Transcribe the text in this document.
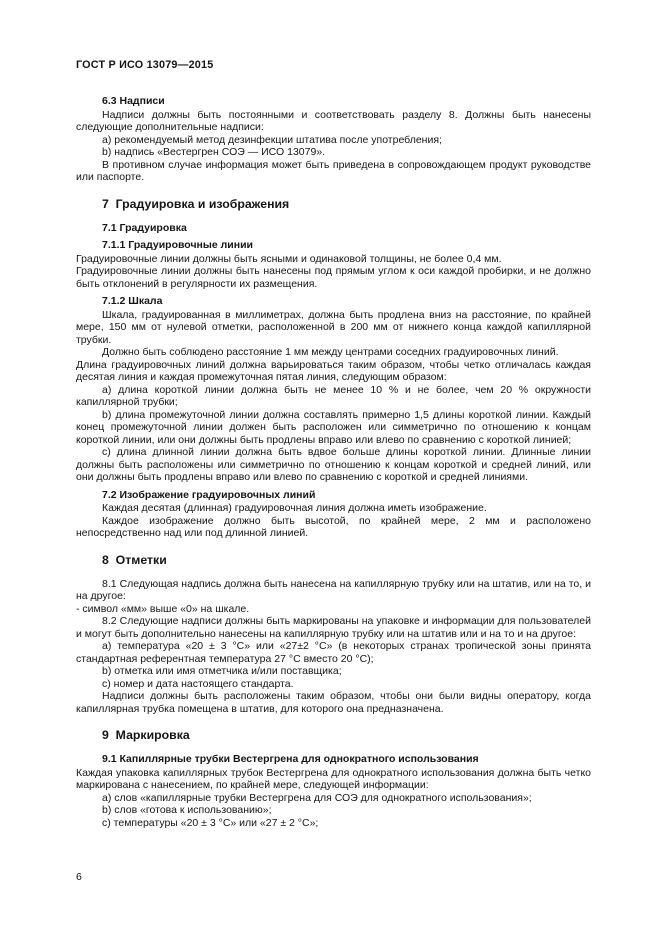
ГОСТ Р ИСО 13079—2015
6.3 Надписи
Надписи должны быть постоянными и соответствовать разделу 8. Должны быть нанесены следующие дополнительные надписи:
a) рекомендуемый метод дезинфекции штатива после употребления;
b) надпись «Вестергрен СОЭ — ИСО 13079».
В противном случае информация может быть приведена в сопровождающем продукт руководстве или паспорте.
7  Градуировка и изображения
7.1 Градуировка
7.1.1 Градуировочные линии
Градуировочные линии должны быть ясными и одинаковой толщины, не более 0,4 мм.
Градуировочные линии должны быть нанесены под прямым углом к оси каждой пробирки, и не должно быть отклонений в регулярности их размещения.
7.1.2 Шкала
Шкала, градуированная в миллиметрах, должна быть продлена вниз на расстояние, по крайней мере, 150 мм от нулевой отметки, расположенной в 200 мм от нижнего конца каждой капиллярной трубки.
Должно быть соблюдено расстояние 1 мм между центрами соседних градуировочных линий.
Длина градуировочных линий должна варьироваться таким образом, чтобы четко отличалась каждая десятая линия и каждая промежуточная пятая линия, следующим образом:
a) длина короткой линии должна быть не менее 10 % и не более, чем 20 % окружности капиллярной трубки;
b) длина промежуточной линии должна составлять примерно 1,5 длины короткой линии. Каждый конец промежуточной линии должен быть расположен или симметрично по отношению к концам короткой линии, или они должны быть продлены вправо или влево по сравнению с короткой линией;
c) длина длинной линии должна быть вдвое больше длины короткой линии. Длинные линии должны быть расположены или симметрично по отношению к концам короткой и средней линий, или они должны быть продлены вправо или влево по сравнению с короткой и средней линиями.
7.2 Изображение градуировочных линий
Каждая десятая (длинная) градуировочная линия должна иметь изображение.
Каждое изображение должно быть высотой, по крайней мере, 2 мм и расположено непосредственно над или под длинной линией.
8  Отметки
8.1 Следующая надпись должна быть нанесена на капиллярную трубку или на штатив, или на то, и на другое:
- символ «мм» выше «0» на шкале.
8.2 Следующие надписи должны быть маркированы на упаковке и информации для пользователей и могут быть дополнительно нанесены на капиллярную трубку или на штатив или и на то и на другое:
a) температура «20 ± 3 °С» или «27±2 °С» (в некоторых странах тропической зоны принята стандартная референтная температура 27 °С вместо 20 °С);
b) отметка или имя отметчика и/или поставщика;
c) номер и дата настоящего стандарта.
Надписи должны быть расположены таким образом, чтобы они были видны оператору, когда капиллярная трубка помещена в штатив, для которого она предназначена.
9  Маркировка
9.1 Капиллярные трубки Вестергрена для однократного использования
Каждая упаковка капиллярных трубок Вестергрена для однократного использования должна быть четко маркирована с нанесением, по крайней мере, следующей информации:
a) слов «капиллярные трубки Вестергрена для СОЭ для однократного использования»;
b) слов «готова к использованию»;
c) температуры «20 ± 3 °С» или «27 ± 2 °С»;
6
